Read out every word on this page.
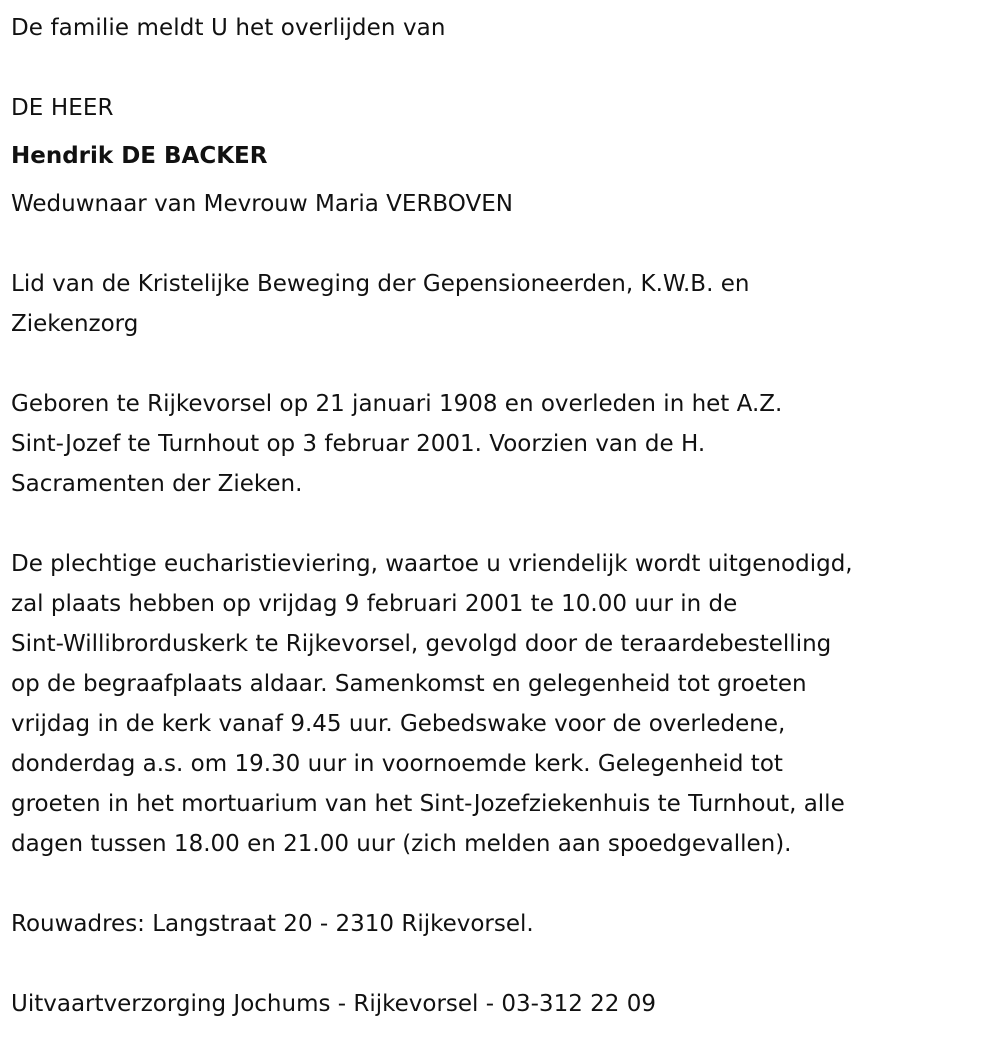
De familie meldt U het overlijden van
DE HEER
Hendrik DE BACKER
Weduwnaar van Mevrouw Maria VERBOVEN
Lid van de Kristelijke Beweging der Gepensioneerden, K.W.B. en
Ziekenzorg
Geboren te Rijkevorsel op 21 januari 1908 en overleden in het A.Z.
Sint-Jozef te Turnhout op 3 februar 2001. Voorzien van de H.
Sacramenten der Zieken.
De plechtige eucharistieviering, waartoe u vriendelijk wordt uitgenodigd,
zal plaats hebben op vrijdag 9 februari 2001 te 10.00 uur in de
Sint-Willibrorduskerk te Rijkevorsel, gevolgd door de teraardebestelling
op de begraafplaats aldaar. Samenkomst en gelegenheid tot groeten
vrijdag in de kerk vanaf 9.45 uur. Gebedswake voor de overledene,
donderdag a.s. om 19.30 uur in voornoemde kerk. Gelegenheid tot
groeten in het mortuarium van het Sint-Jozefziekenhuis te Turnhout, alle
dagen tussen 18.00 en 21.00 uur (zich melden aan spoedgevallen).
Rouwadres: Langstraat 20 - 2310 Rijkevorsel.
Uitvaartverzorging Jochums - Rijkevorsel - 03-312 22 09
